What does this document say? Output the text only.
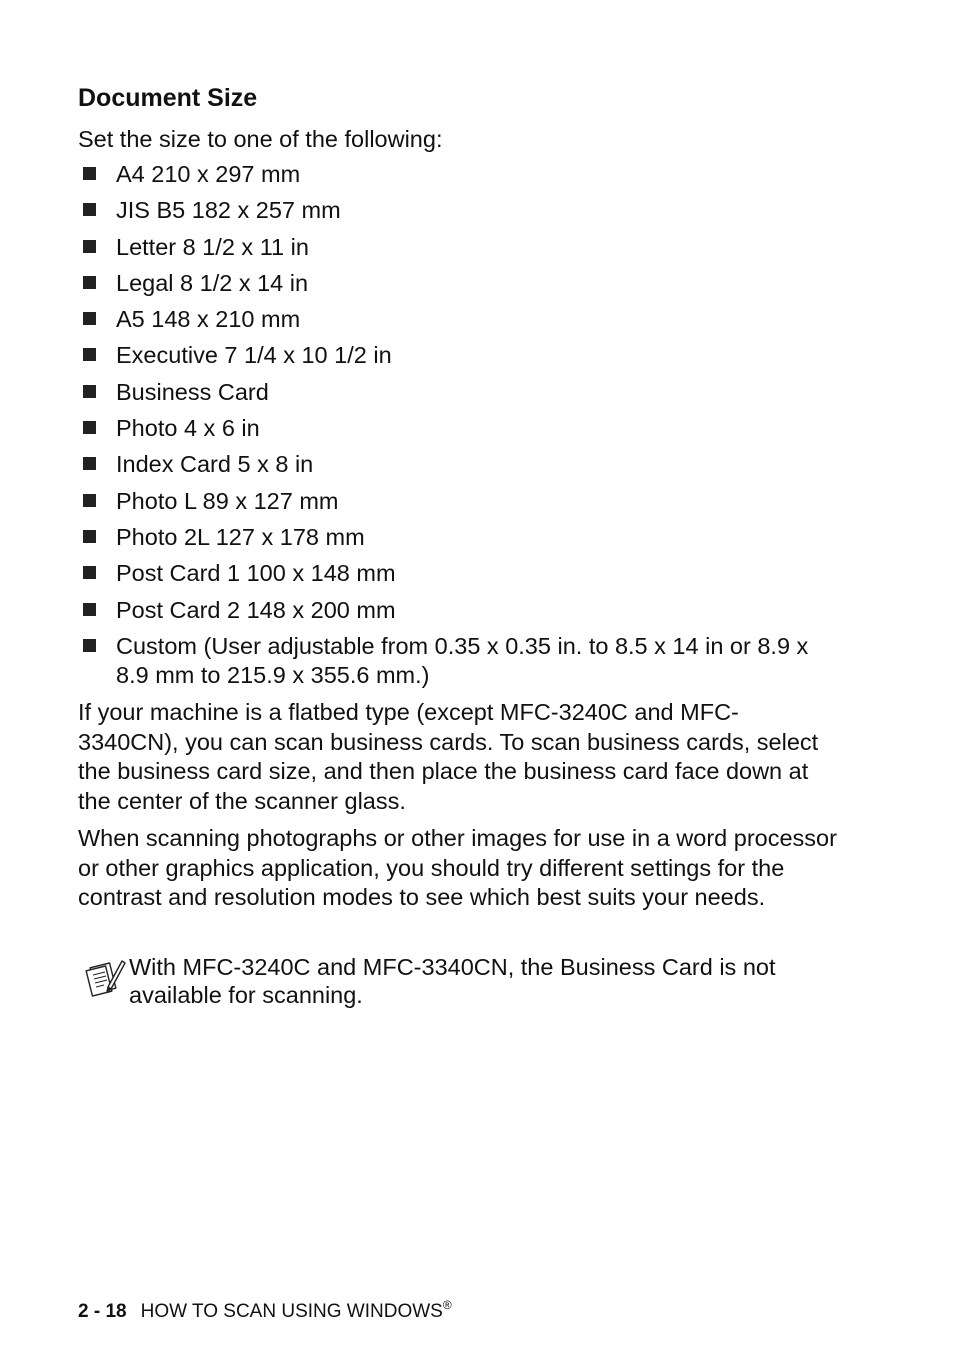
Document Size

Set the size to one of the following:

A4 210 x 297 mm
JIS B5 182 x 257 mm
Letter 8 1/2 x 11 in
Legal 8 1/2 x 14 in
A5 148 x 210 mm
Executive 7 1/4 x 10 1/2 in
Business Card
Photo 4 x 6 in
Index Card 5 x 8 in
Photo L 89 x 127 mm
Photo 2L 127 x 178 mm
Post Card 1 100 x 148 mm
Post Card 2 148 x 200 mm
Custom (User adjustable from 0.35 x 0.35 in. to 8.5 x 14 in or 8.9 x 8.9 mm to 215.9 x 355.6 mm.)

If your machine is a flatbed type (except MFC-3240C and MFC-3340CN), you can scan business cards. To scan business cards, select the business card size, and then place the business card face down at the center of the scanner glass.

When scanning photographs or other images for use in a word processor or other graphics application, you should try different settings for the contrast and resolution modes to see which best suits your needs.

With MFC-3240C and MFC-3340CN, the Business Card is not available for scanning.

2 - 18 HOW TO SCAN USING WINDOWS®
